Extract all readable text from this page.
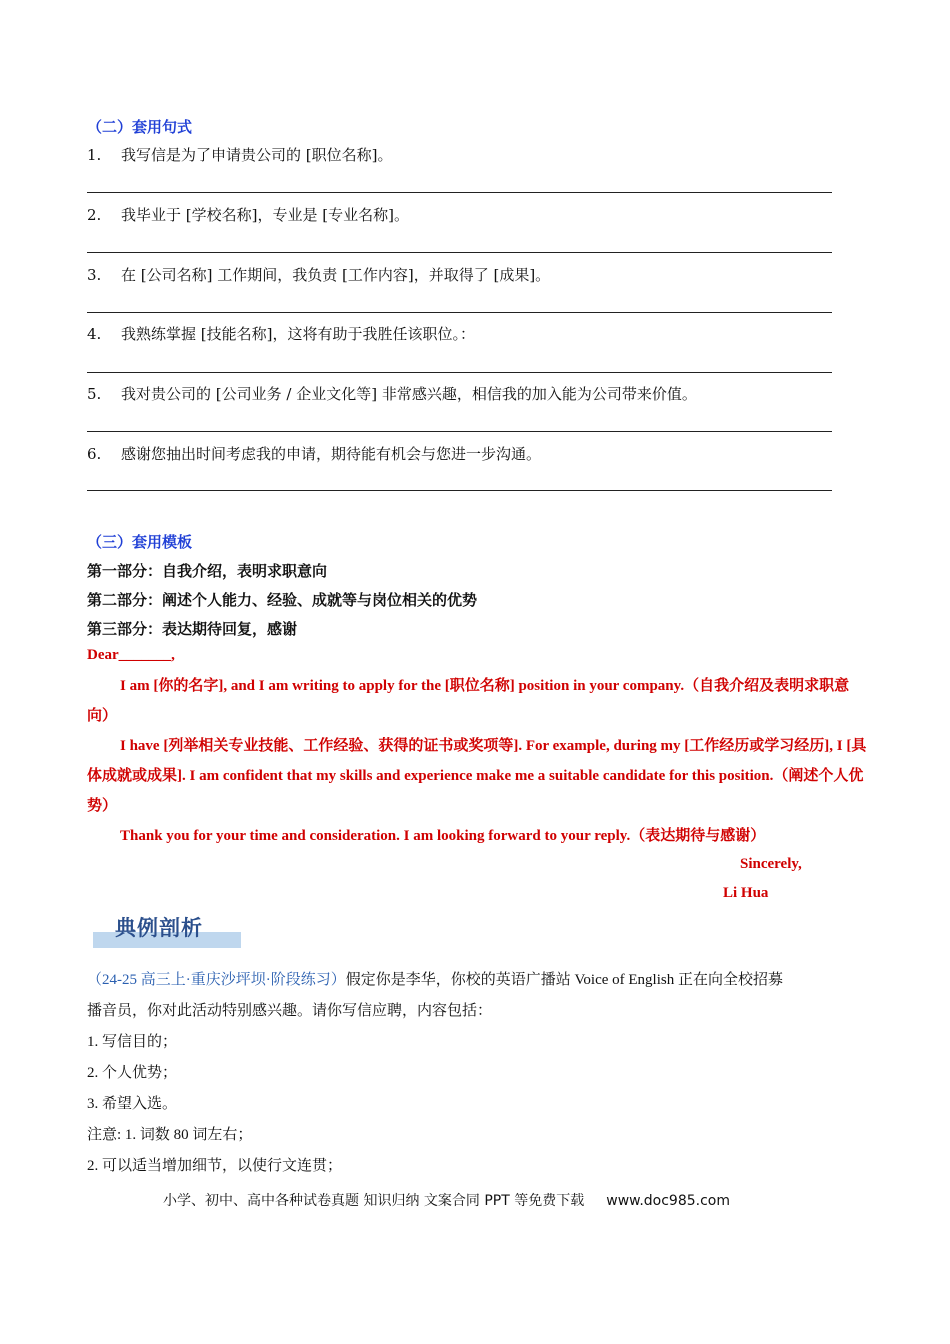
（二）套用句式
1. 我写信是为了申请贵公司的 [职位名称]。
2. 我毕业于 [学校名称]，专业是 [专业名称]。
3. 在 [公司名称] 工作期间，我负责 [工作内容]，并取得了 [成果]。
4. 我熟练掌握 [技能名称]，这将有助于我胜任该职位。：
5. 我对贵公司的 [公司业务 / 企业文化等] 非常感兴趣，相信我的加入能为公司带来价值。
6. 感谢您抽出时间考虑我的申请，期待能有机会与您进一步沟通。
（三）套用模板
第一部分：自我介绍，表明求职意向
第二部分：阐述个人能力、经验、成就等与岗位相关的优势
第三部分：表达期待回复，感谢
Dear_______,

I am [你的名字], and I am writing to apply for the [职位名称] position in your company.（自我介绍及表明求职意向）

I have [列举相关专业技能、工作经验、获得的证书或奖项等]. For example, during my [工作经历或学习经历], I [具体成就或成果]. I am confident that my skills and experience make me a suitable candidate for this position.（阐述个人优势）

Thank you for your time and consideration. I am looking forward to your reply.（表达期待与感谢）

Sincerely,
Li Hua
典例剖析
（24-25 高三上·重庆沙坪坝·阶段练习）假定你是李华，你校的英语广播站 Voice of English 正在向全校招募
播音员，你对此活动特别感兴趣。请你写信应聘，内容包括：
1. 写信目的；
2. 个人优势；
3. 希望入选。
注意: 1. 词数 80 词左右；
2. 可以适当增加细节，以使行文连贯；
小学、初中、高中各种试卷真题 知识归纳 文案合同 PPT 等免费下载 www.doc985.com
